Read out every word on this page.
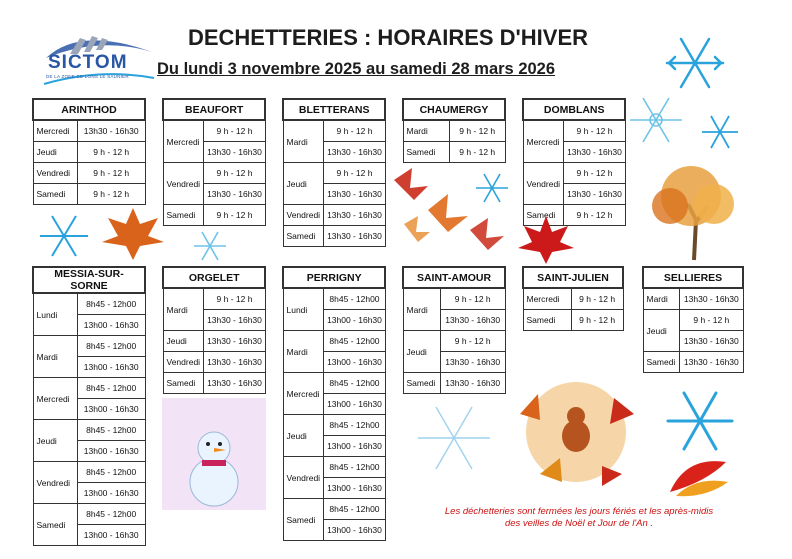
SICTOM
DE LA ZONE DE LONS LE SAUNIER
DECHETTERIES : HORAIRES D'HIVER
Du lundi 3 novembre 2025 au samedi 28 mars 2026
ARINTHOD	
Mercredi	13h30 - 16h30
Jeudi	9 h - 12 h
Vendredi	9 h - 12 h
Samedi	9 h - 12 h
BEAUFORT	
Mercredi	9 h - 12 h
	13h30 - 16h30
Vendredi	9 h - 12 h
	13h30 - 16h30
Samedi	9 h - 12 h
BLETTERANS	
Mardi	9 h - 12 h
	13h30 - 16h30
Jeudi	9 h - 12 h
	13h30 - 16h30
Vendredi	13h30 - 16h30
Samedi	13h30 - 16h30
CHAUMERGY	
Mardi	9 h - 12 h
Samedi	9 h - 12 h
DOMBLANS	
Mercredi	9 h - 12 h
	13h30 - 16h30
Vendredi	9 h - 12 h
	13h30 - 16h30
Samedi	9 h - 12 h
MESSIA-SUR-SORNE	
Lundi	8h45 - 12h00
	13h00 - 16h30
Mardi	8h45 - 12h00
	13h00 - 16h30
Mercredi	8h45 - 12h00
	13h00 - 16h30
Jeudi	8h45 - 12h00
	13h00 - 16h30
Vendredi	8h45 - 12h00
	13h00 - 16h30
Samedi	8h45 - 12h00
	13h00 - 16h30
ORGELET	
Mardi	9 h - 12 h
	13h30 - 16h30
Jeudi	13h30 - 16h30
Vendredi	13h30 - 16h30
Samedi	13h30 - 16h30
PERRIGNY	
Lundi	8h45 - 12h00
	13h00 - 16h30
Mardi	8h45 - 12h00
	13h00 - 16h30
Mercredi	8h45 - 12h00
	13h00 - 16h30
Jeudi	8h45 - 12h00
	13h00 - 16h30
Vendredi	8h45 - 12h00
	13h00 - 16h30
Samedi	8h45 - 12h00
	13h00 - 16h30
SAINT-AMOUR	
Mardi	9 h - 12 h
	13h30 - 16h30
Jeudi	9 h - 12 h
	13h30 - 16h30
Samedi	13h30 - 16h30
SAINT-JULIEN	
Mercredi	9 h - 12 h
Samedi	9 h - 12 h
SELLIERES	
Mardi	13h30 - 16h30
Jeudi	9 h - 12 h
	13h30 - 16h30
Samedi	13h30 - 16h30
Les déchetteries sont fermées les jours fériés et les après-midis
des veilles de Noël et Jour de l'An .
